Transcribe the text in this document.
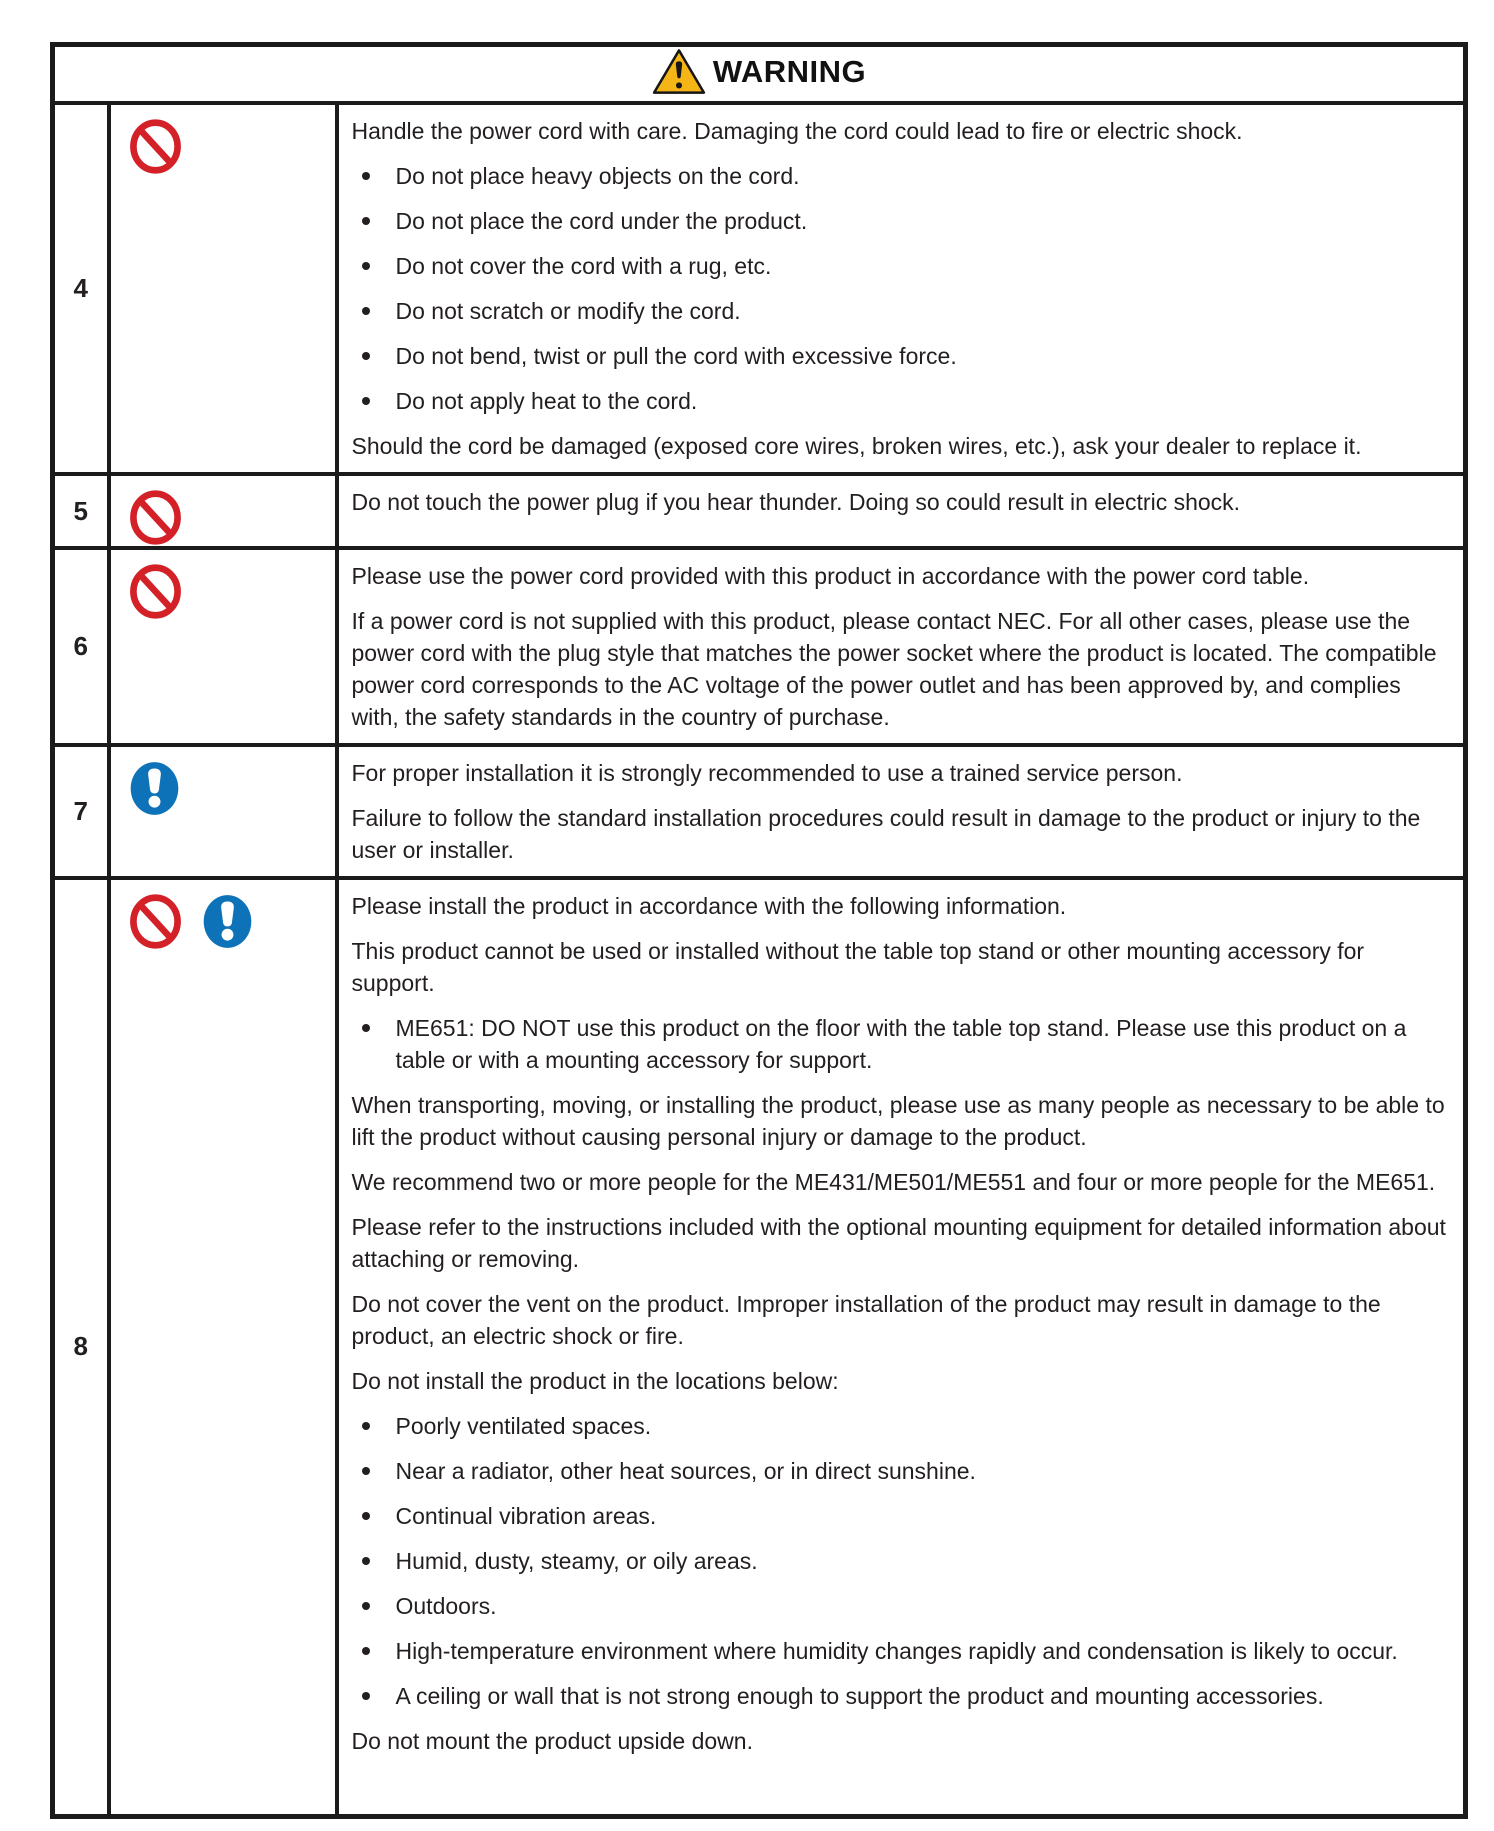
WARNING		

4	

Handle the power cord with care. Damaging the cord could lead to fire or electric shock.

Do not place heavy objects on the cord.
Do not place the cord under the product.
Do not cover the cord with a rug, etc.
Do not scratch or modify the cord.
Do not bend, twist or pull the cord with excessive force.
Do not apply heat to the cord.

Should the cord be damaged (exposed core wires, broken wires, etc.), ask your dealer to replace it.

5		Do not touch the power plug if you hear thunder. Doing so could result in electric shock.

6		Please use the power cord provided with this product in accordance with the power cord table.

If a power cord is not supplied with this product, please contact NEC. For all other cases, please use the power cord with the plug style that matches the power socket where the product is located. The compatible power cord corresponds to the AC voltage of the power outlet and has been approved by, and complies with, the safety standards in the country of purchase.

7		For proper installation it is strongly recommended to use a trained service person.

Failure to follow the standard installation procedures could result in damage to the product or injury to the user or installer.

8	

Please install the product in accordance with the following information.

This product cannot be used or installed without the table top stand or other mounting accessory for support.

ME651: DO NOT use this product on the floor with the table top stand. Please use this product on a table or with a mounting accessory for support.

When transporting, moving, or installing the product, please use as many people as necessary to be able to lift the product without causing personal injury or damage to the product.

We recommend two or more people for the ME431/ME501/ME551 and four or more people for the ME651.

Please refer to the instructions included with the optional mounting equipment for detailed information about attaching or removing.

Do not cover the vent on the product. Improper installation of the product may result in damage to the product, an electric shock or fire.

Do not install the product in the locations below:

Poorly ventilated spaces.
Near a radiator, other heat sources, or in direct sunshine.
Continual vibration areas.
Humid, dusty, steamy, or oily areas.
Outdoors.
High-temperature environment where humidity changes rapidly and condensation is likely to occur.
A ceiling or wall that is not strong enough to support the product and mounting accessories.

Do not mount the product upside down.
